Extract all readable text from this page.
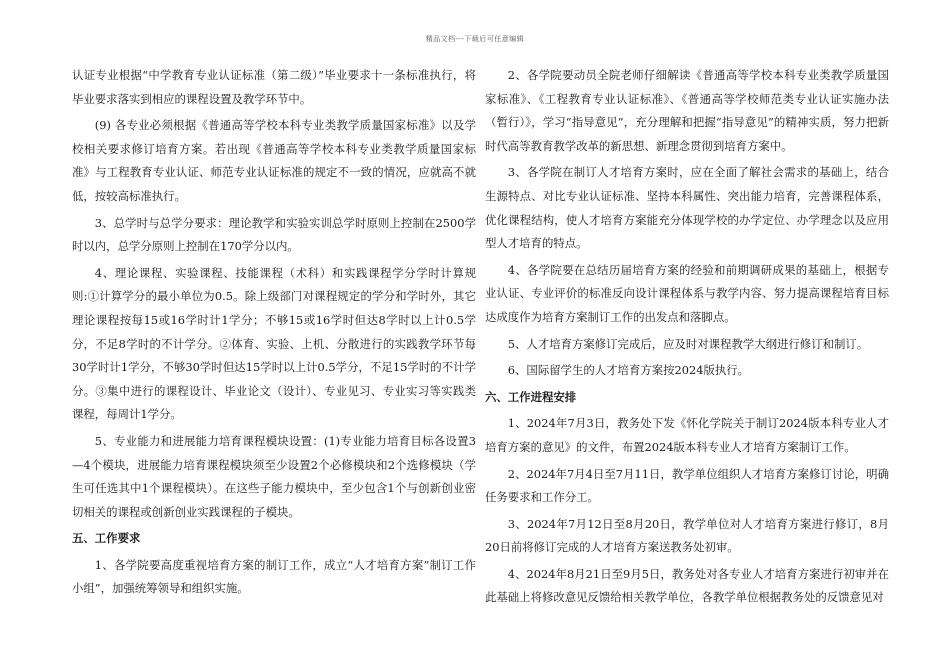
精品文档---下载后可任意编辑

认证专业根据“中学教育专业认证标准（第二级）”毕业要求十一条标准执行，将毕业要求落实到相应的课程设置及教学环节中。

(9) 各专业必须根据《普通高等学校本科专业类教学质量国家标准》以及学校相关要求修订培育方案。若出现《普通高等学校本科专业类教学质量国家标准》与工程教育专业认证、师范专业认证标准的规定不一致的情况，应就高不就低，按较高标准执行。

3、总学时与总学分要求：理论教学和实验实训总学时原则上控制在2500学时以内，总学分原则上控制在170学分以内。

4、理论课程、实验课程、技能课程（术科）和实践课程学分学时计算规则:①计算学分的最小单位为0.5。除上级部门对课程规定的学分和学时外，其它理论课程按每15或16学时计1学分；不够15或16学时但达8学时以上计0.5学分，不足8学时的不计学分。②体育、实验、上机、分散进行的实践教学环节每30学时计1学分，不够30学时但达15学时以上计0.5学分，不足15学时的不计学分。③集中进行的课程设计、毕业论文（设计）、专业见习、专业实习等实践类课程，每周计1学分。

5、专业能力和进展能力培育课程模块设置：(1)专业能力培育目标各设置3—4个模块，进展能力培育课程模块须至少设置2个必修模块和2个选修模块（学生可任选其中1个课程模块）。在这些子能力模块中，至少包含1个与创新创业密切相关的课程或创新创业实践课程的子模块。

五、工作要求

1、各学院要高度重视培育方案的制订工作，成立“人才培育方案”制订工作小组”，加强统筹领导和组织实施。

2、各学院要动员全院老师仔细解读《普通高等学校本科专业类教学质量国家标准》、《工程教育专业认证标准》、《普通高等学校师范类专业认证实施办法（暂行）》，学习“指导意见”，充分理解和把握“指导意见”的精神实质，努力把新时代高等教育教学改革的新思想、新理念贯彻到培育方案中。

3、各学院在制订人才培育方案时，应在全面了解社会需求的基础上，结合生源特点、对比专业认证标准、坚持本科属性、突出能力培育，完善课程体系，优化课程结构，使人才培育方案能充分体现学校的办学定位、办学理念以及应用型人才培育的特点。

4、各学院要在总结历届培育方案的经验和前期调研成果的基础上，根据专业认证、专业评价的标准反向设计课程体系与教学内容、努力提高课程培育目标达成度作为培育方案制订工作的出发点和落脚点。

5、人才培育方案修订完成后，应及时对课程教学大纲进行修订和制订。

6、国际留学生的人才培育方案按2024版执行。

六、工作进程安排

1、2024年7月3日，教务处下发《怀化学院关于制订2024版本科专业人才培育方案的意见》的文件，布置2024版本科专业人才培育方案制订工作。

2、2024年7月4日至7月11日，教学单位组织人才培育方案修订讨论，明确任务要求和工作分工。

3、2024年7月12日至8月20日，教学单位对人才培育方案进行修订，8月20日前将修订完成的人才培育方案送教务处初审。

4、2024年8月21日至9月5日，教务处对各专业人才培育方案进行初审并在此基础上将修改意见反馈给相关教学单位，各教学单位根据教务处的反馈意见对
